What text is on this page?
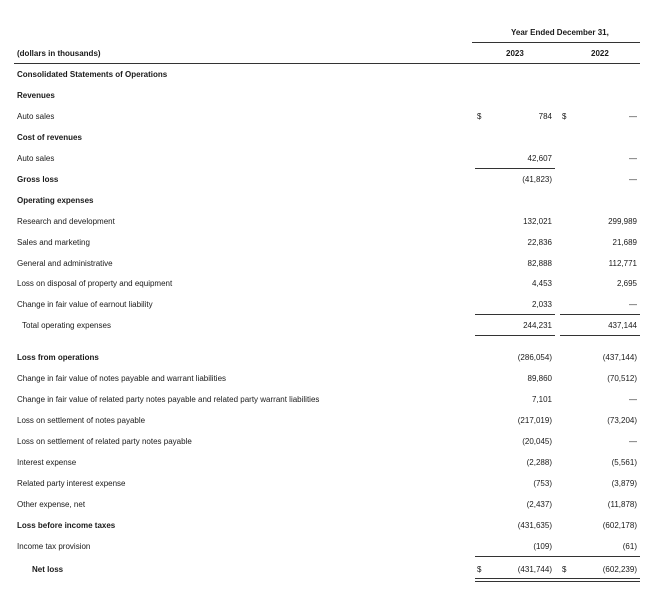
Year Ended December 31,
(dollars in thousands)	2023	2022
Consolidated Statements of Operations
Revenues
Auto sales	$	784 $	—
Cost of revenues
Auto sales	42,607	—
Gross loss	(41,823)	—
Operating expenses
Research and development	132,021	299,989
Sales and marketing	22,836	21,689
General and administrative	82,888	112,771
Loss on disposal of property and equipment	4,453	2,695
Change in fair value of earnout liability	2,033	—
Total operating expenses	244,231	437,144
Loss from operations	(286,054)	(437,144)
Change in fair value of notes payable and warrant liabilities	89,860	(70,512)
Change in fair value of related party notes payable and related party warrant liabilities	7,101	—
Loss on settlement of notes payable	(217,019)	(73,204)
Loss on settlement of related party notes payable	(20,045)	—
Interest expense	(2,288)	(5,561)
Related party interest expense	(753)	(3,879)
Other expense, net	(2,437)	(11,878)
Loss before income taxes	(431,635)	(602,178)
Income tax provision	(109)	(61)
Net loss	$	(431,744) $	(602,239)
